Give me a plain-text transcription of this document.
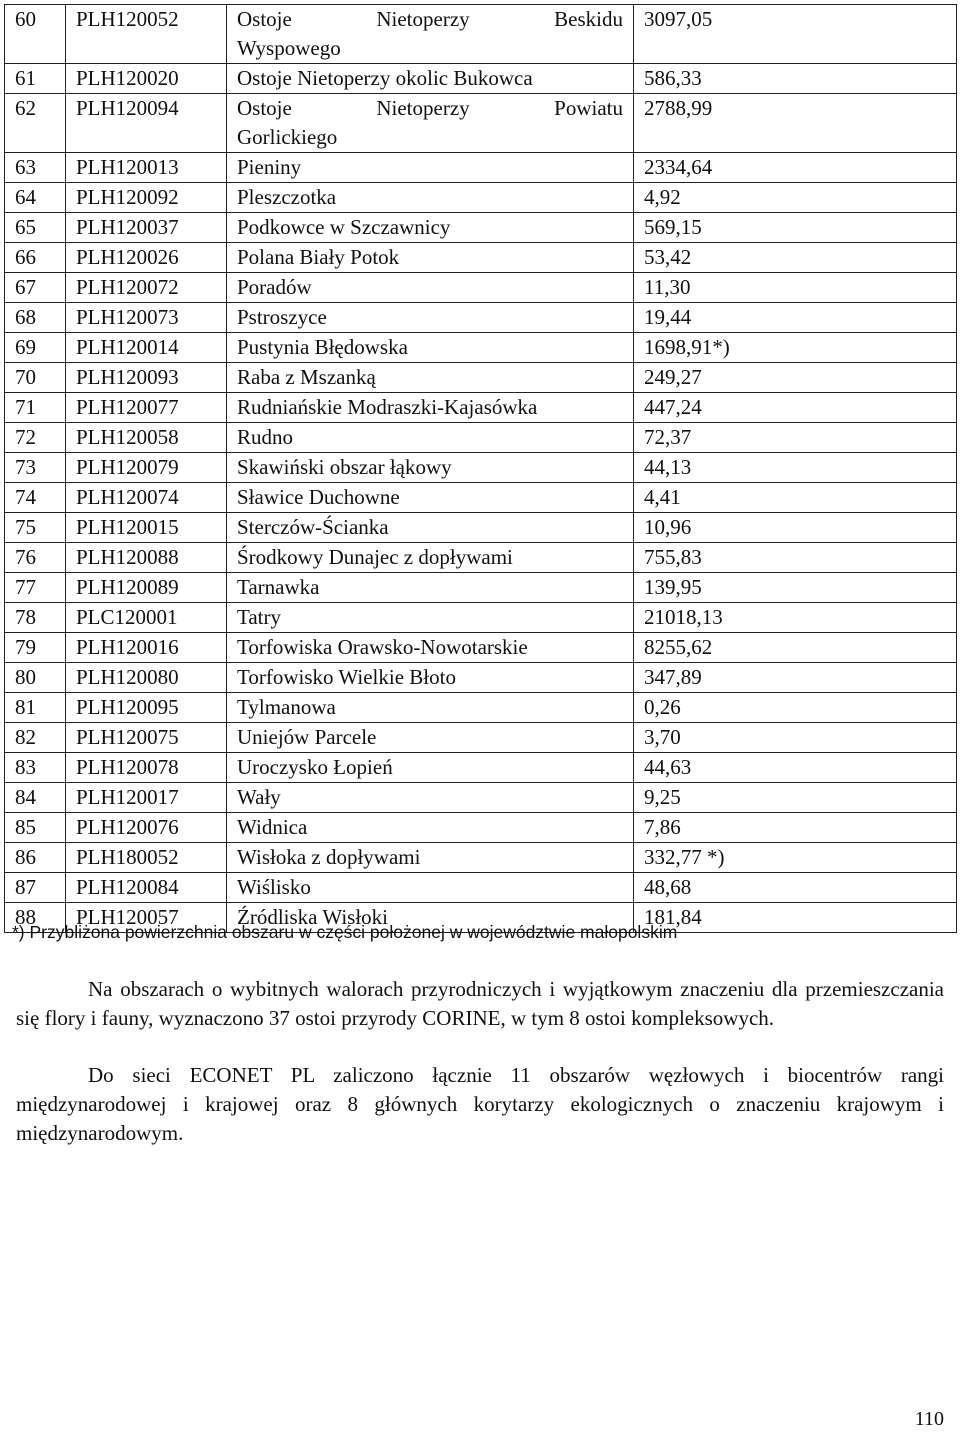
60	PLH120052	Ostoje Nietoperzy Beskidu
Wyspowego	3097,05
61	PLH120020	Ostoje Nietoperzy okolic Bukowca	586,33
62	PLH120094	Ostoje Nietoperzy Powiatu
Gorlickiego	2788,99
63	PLH120013	Pieniny	2334,64
64	PLH120092	Pleszczotka	4,92
65	PLH120037	Podkowce w Szczawnicy	569,15
66	PLH120026	Polana Biały Potok	53,42
67	PLH120072	Poradów	11,30
68	PLH120073	Pstroszyce	19,44
69	PLH120014	Pustynia Błędowska	1698,91*)
70	PLH120093	Raba z Mszanką	249,27
71	PLH120077	Rudniańskie Modraszki-Kajasówka	447,24
72	PLH120058	Rudno	72,37
73	PLH120079	Skawiński obszar łąkowy	44,13
74	PLH120074	Sławice Duchowne	4,41
75	PLH120015	Sterczów-Ścianka	10,96
76	PLH120088	Środkowy Dunajec z dopływami	755,83
77	PLH120089	Tarnawka	139,95
78	PLC120001	Tatry	21018,13
79	PLH120016	Torfowiska Orawsko-Nowotarskie	8255,62
80	PLH120080	Torfowisko Wielkie Błoto	347,89
81	PLH120095	Tylmanowa	0,26
82	PLH120075	Uniejów Parcele	3,70
83	PLH120078	Uroczysko Łopień	44,63
84	PLH120017	Wały	9,25
85	PLH120076	Widnica	7,86
86	PLH180052	Wisłoka z dopływami	332,77 *)
87	PLH120084	Wiślisko	48,68
88	PLH120057	Źródliska Wisłoki	181,84
*) Przybliżona powierzchnia obszaru w części położonej w województwie małopolskim
Na obszarach o wybitnych walorach przyrodniczych i wyjątkowym znaczeniu dla przemieszczania się flory i fauny, wyznaczono 37 ostoi przyrody CORINE, w tym 8 ostoi kompleksowych.
Do sieci ECONET PL zaliczono łącznie 11 obszarów węzłowych i biocentrów rangi międzynarodowej i krajowej oraz 8 głównych korytarzy ekologicznych o znaczeniu krajowym i międzynarodowym.
110
